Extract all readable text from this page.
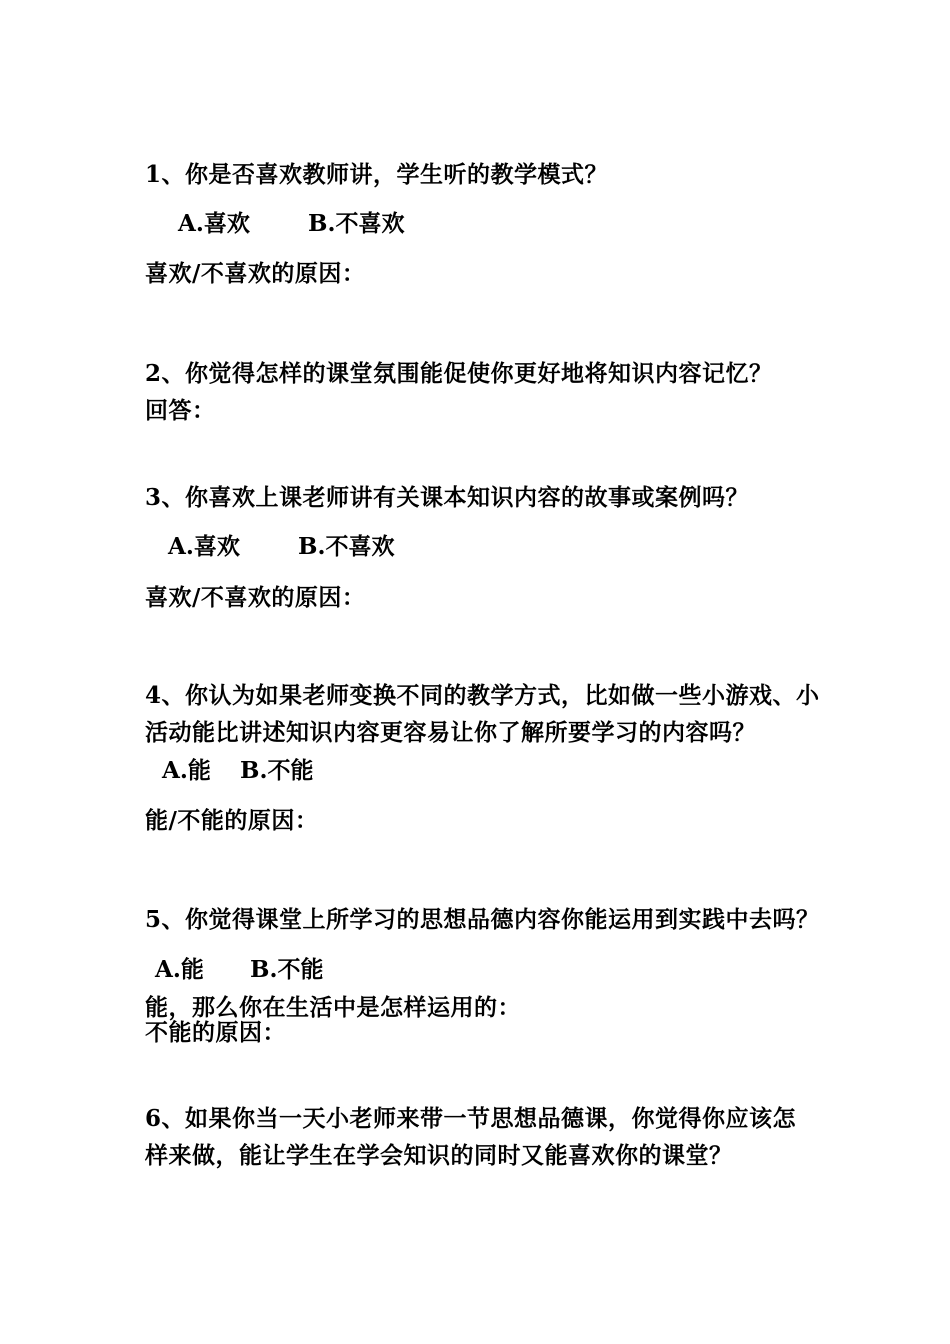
1、你是否喜欢教师讲，学生听的教学模式？
A.喜欢	B.不喜欢
喜欢/不喜欢的原因：
2、你觉得怎样的课堂氛围能促使你更好地将知识内容记忆？
回答：
3、你喜欢上课老师讲有关课本知识内容的故事或案例吗？
A.喜欢	B.不喜欢
喜欢/不喜欢的原因：
4、你认为如果老师变换不同的教学方式，比如做一些小游戏、小
活动能比讲述知识内容更容易让你了解所要学习的内容吗？
A.能 B.不能
能/不能的原因：
5、你觉得课堂上所学习的思想品德内容你能运用到实践中去吗？
A.能 B.不能
能，那么你在生活中是怎样运用的：
不能的原因：
6、如果你当一天小老师来带一节思想品德课，你觉得你应该怎
样来做，能让学生在学会知识的同时又能喜欢你的课堂？
